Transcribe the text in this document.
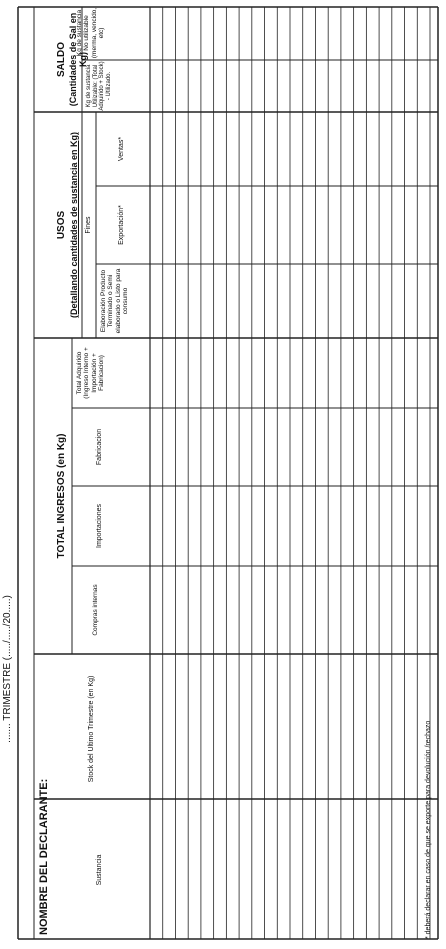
....... TRIMESTRE (...../...../20.....)
NOMBRE DEL DECLARANTE:
TOTAL INGRESOS (en Kg)
USOS (Detallando cantidades de sustancia en Kg) Fines
SALDO (Cantidades de Sal en Kg)
Sustancia
Stock del Ultimo Trimestre (en Kg)
Compras internas
Importaciones
Fabricacion
Total Adquirido (Ingreso Interno + Importación + Fabricacion)
Elaboración Producto Terminado o Semi elaborado o Listo para consumo
Exportación*
Ventas*
Kg de sustancia Utilizable: (Total Adquirido + Stock) - Utilizado.
Kg de sustancia No utilizable (merma, vencido, etc)
* deberá declarar en caso de que se exporte para devolución /rechazo
